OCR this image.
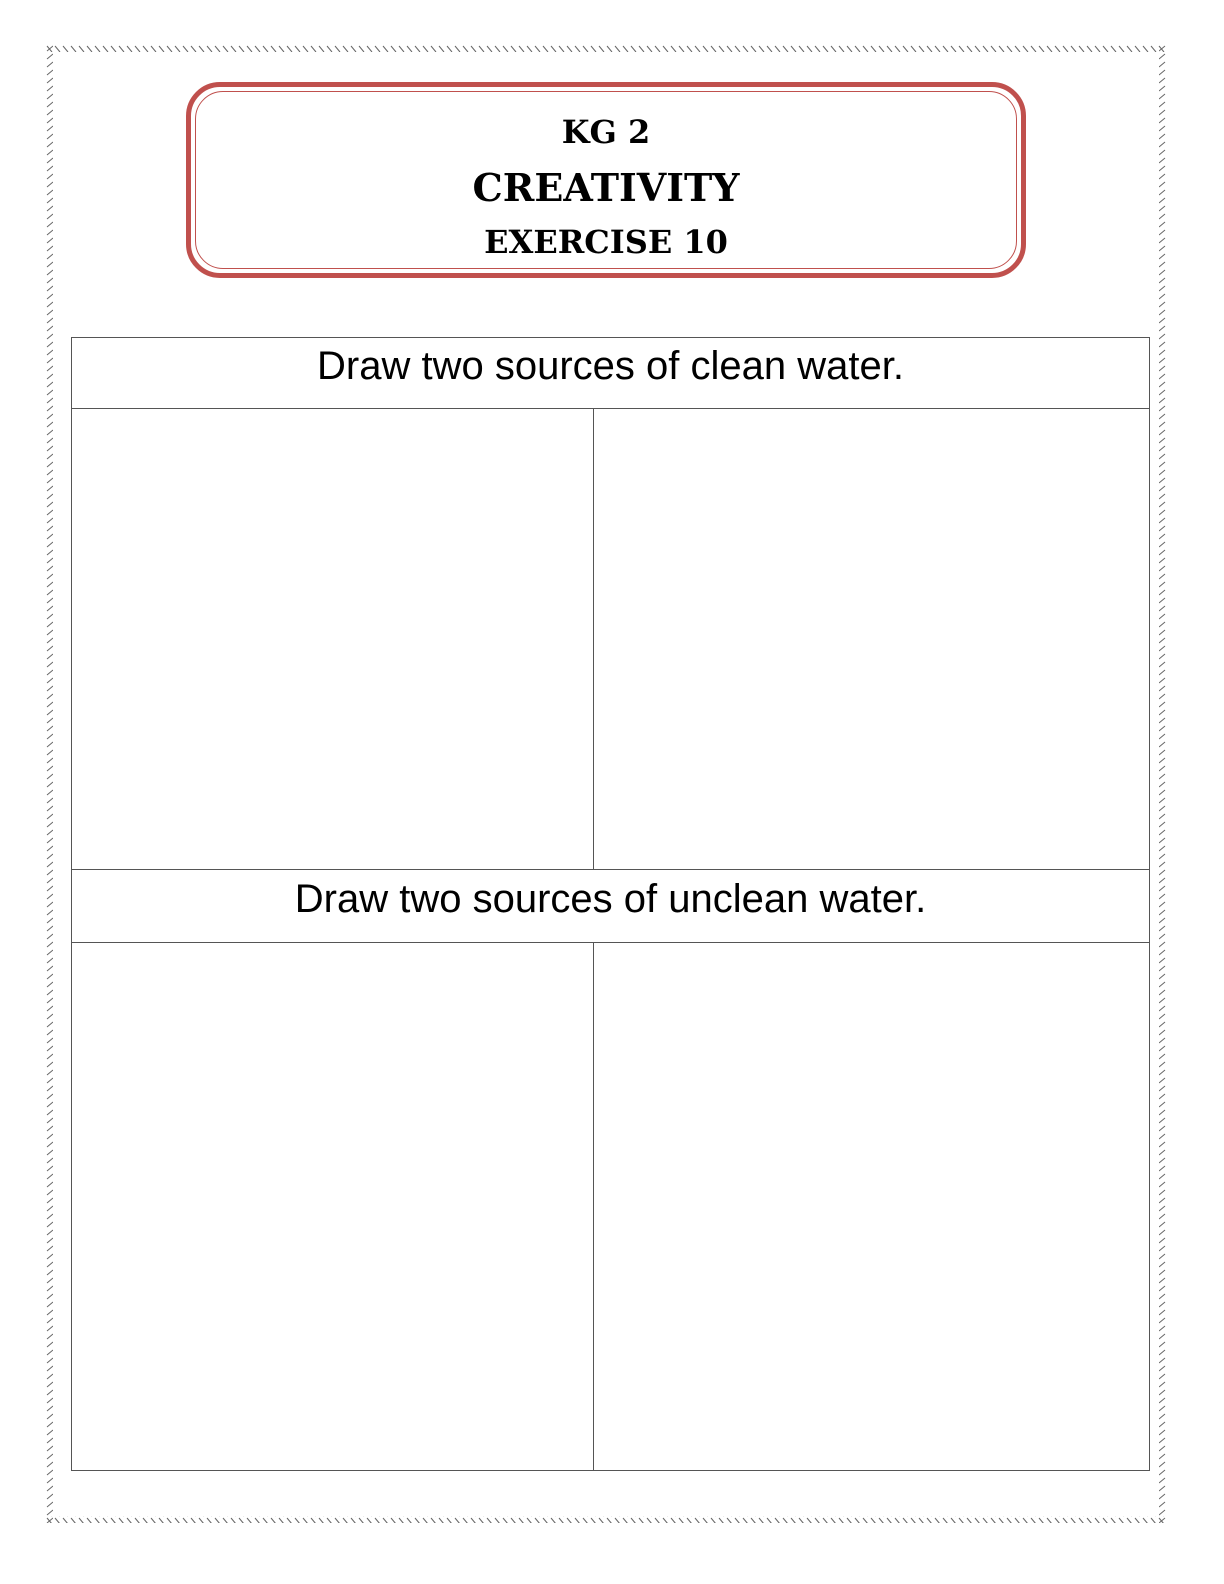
KG 2
CREATIVITY
EXERCISE 10
Draw two sources of clean water.
Draw two sources of unclean water.
